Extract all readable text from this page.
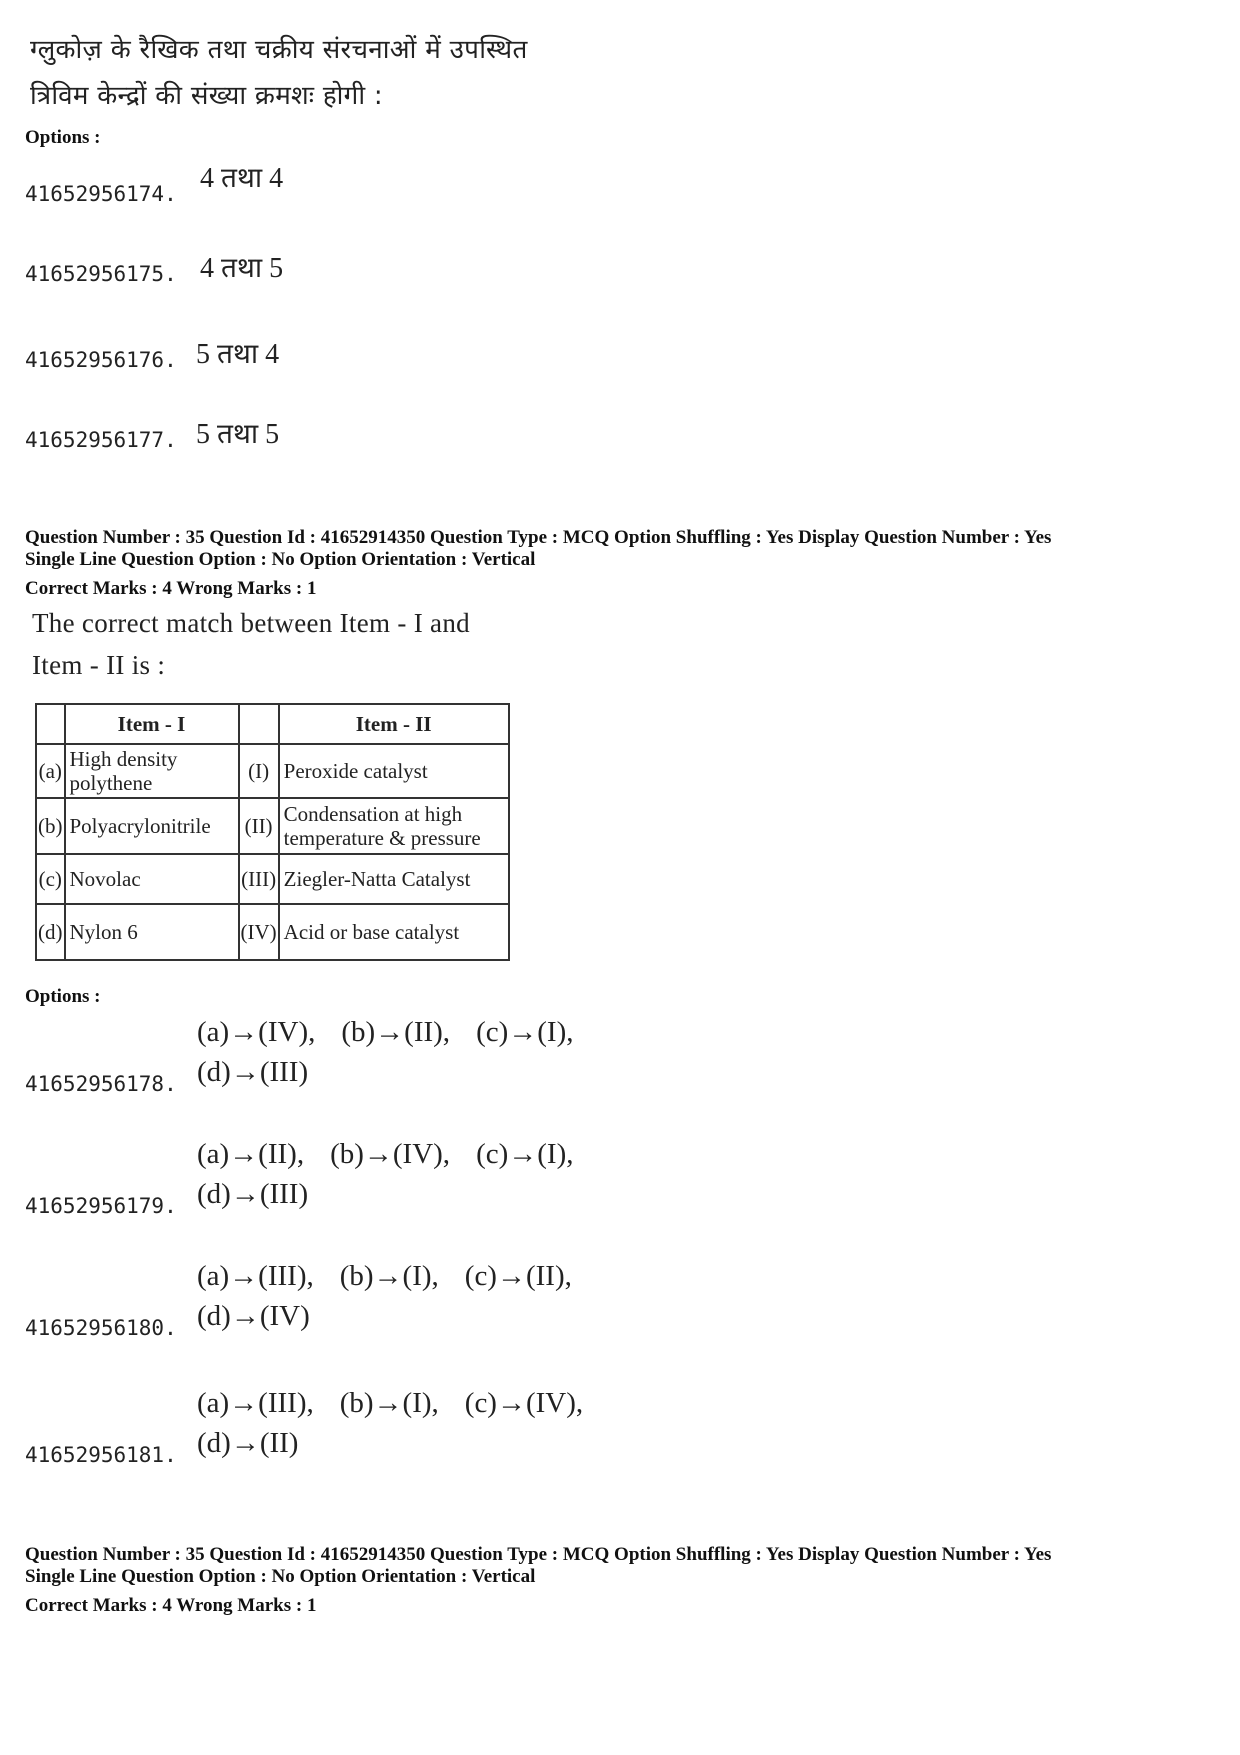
ग्लुकोज़ के रैखिक तथा चक्रीय संरचनाओं में उपस्थित
त्रिविम केन्द्रों की संख्या क्रमशः होगी :
Options :
41652956174. 4 तथा 4
41652956175. 4 तथा 5
41652956176. 5 तथा 4
41652956177. 5 तथा 5
Question Number : 35 Question Id : 41652914350 Question Type : MCQ Option Shuffling : Yes Display Question Number : Yes
Single Line Question Option : No Option Orientation : Vertical
Correct Marks : 4 Wrong Marks : 1
The correct match between Item - I and
Item - II is :
	Item - I		Item - II
(a)	High density polythene	(I)	Peroxide catalyst
(b)	Polyacrylonitrile	(II)	Condensation at high temperature & pressure
(c)	Novolac	(III)	Ziegler-Natta Catalyst
(d)	Nylon 6	(IV)	Acid or base catalyst
Options :
(a)→(IV), (b)→(II), (c)→(I),
(d)→(III)
41652956178.
(a)→(II), (b)→(IV), (c)→(I),
(d)→(III)
41652956179.
(a)→(III), (b)→(I), (c)→(II),
(d)→(IV)
41652956180.
(a)→(III), (b)→(I), (c)→(IV),
(d)→(II)
41652956181.
Question Number : 35 Question Id : 41652914350 Question Type : MCQ Option Shuffling : Yes Display Question Number : Yes
Single Line Question Option : No Option Orientation : Vertical
Correct Marks : 4 Wrong Marks : 1
